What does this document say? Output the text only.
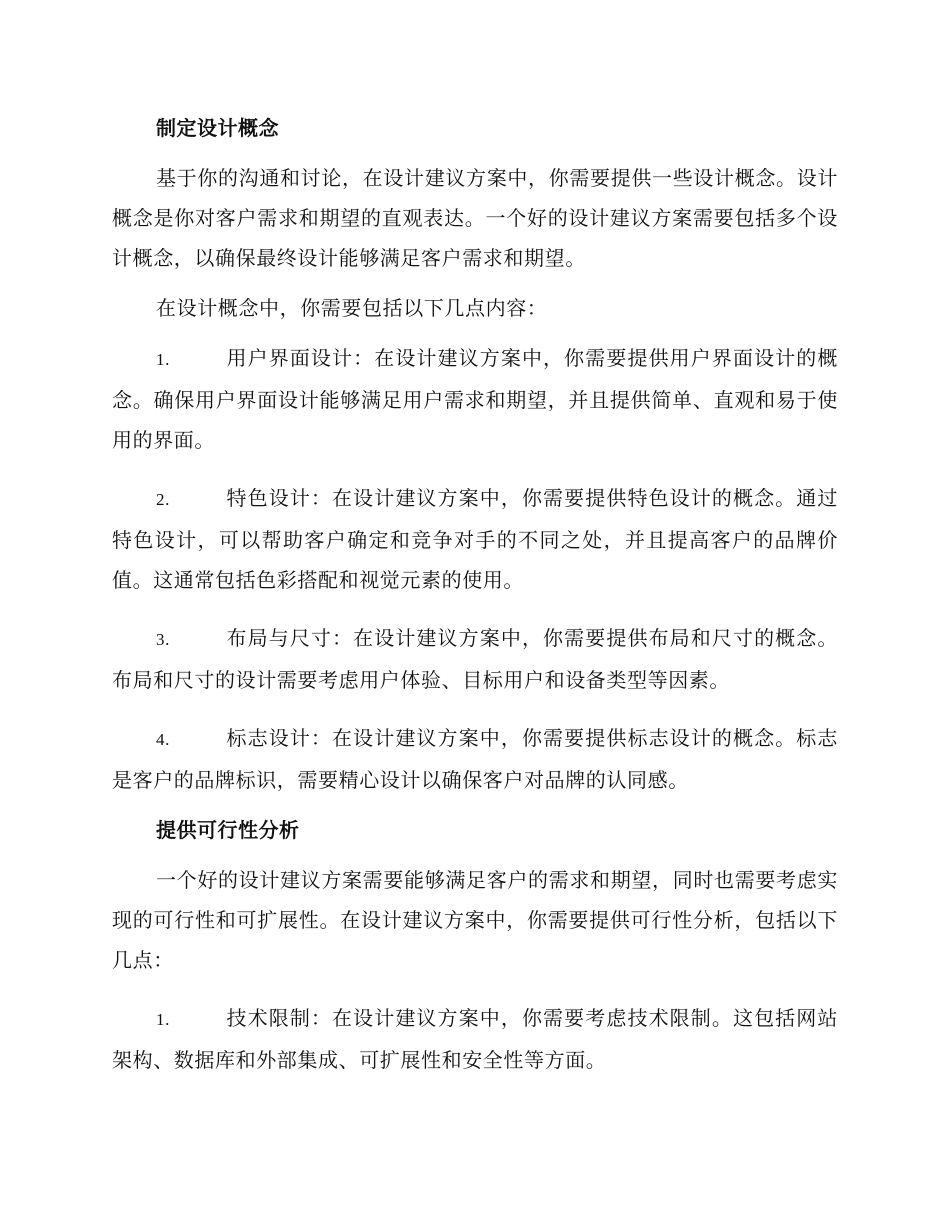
制定设计概念

基于你的沟通和讨论，在设计建议方案中，你需要提供一些设计概念。设计概念是你对客户需求和期望的直观表达。一个好的设计建议方案需要包括多个设计概念，以确保最终设计能够满足客户需求和期望。

在设计概念中，你需要包括以下几点内容：

1.	用户界面设计：在设计建议方案中，你需要提供用户界面设计的概念。确保用户界面设计能够满足用户需求和期望，并且提供简单、直观和易于使用的界面。

2.	特色设计：在设计建议方案中，你需要提供特色设计的概念。通过特色设计，可以帮助客户确定和竞争对手的不同之处，并且提高客户的品牌价值。这通常包括色彩搭配和视觉元素的使用。

3.	布局与尺寸：在设计建议方案中，你需要提供布局和尺寸的概念。布局和尺寸的设计需要考虑用户体验、目标用户和设备类型等因素。

4.	标志设计：在设计建议方案中，你需要提供标志设计的概念。标志是客户的品牌标识，需要精心设计以确保客户对品牌的认同感。

提供可行性分析

一个好的设计建议方案需要能够满足客户的需求和期望，同时也需要考虑实现的可行性和可扩展性。在设计建议方案中，你需要提供可行性分析，包括以下几点：

1.	技术限制：在设计建议方案中，你需要考虑技术限制。这包括网站架构、数据库和外部集成、可扩展性和安全性等方面。
